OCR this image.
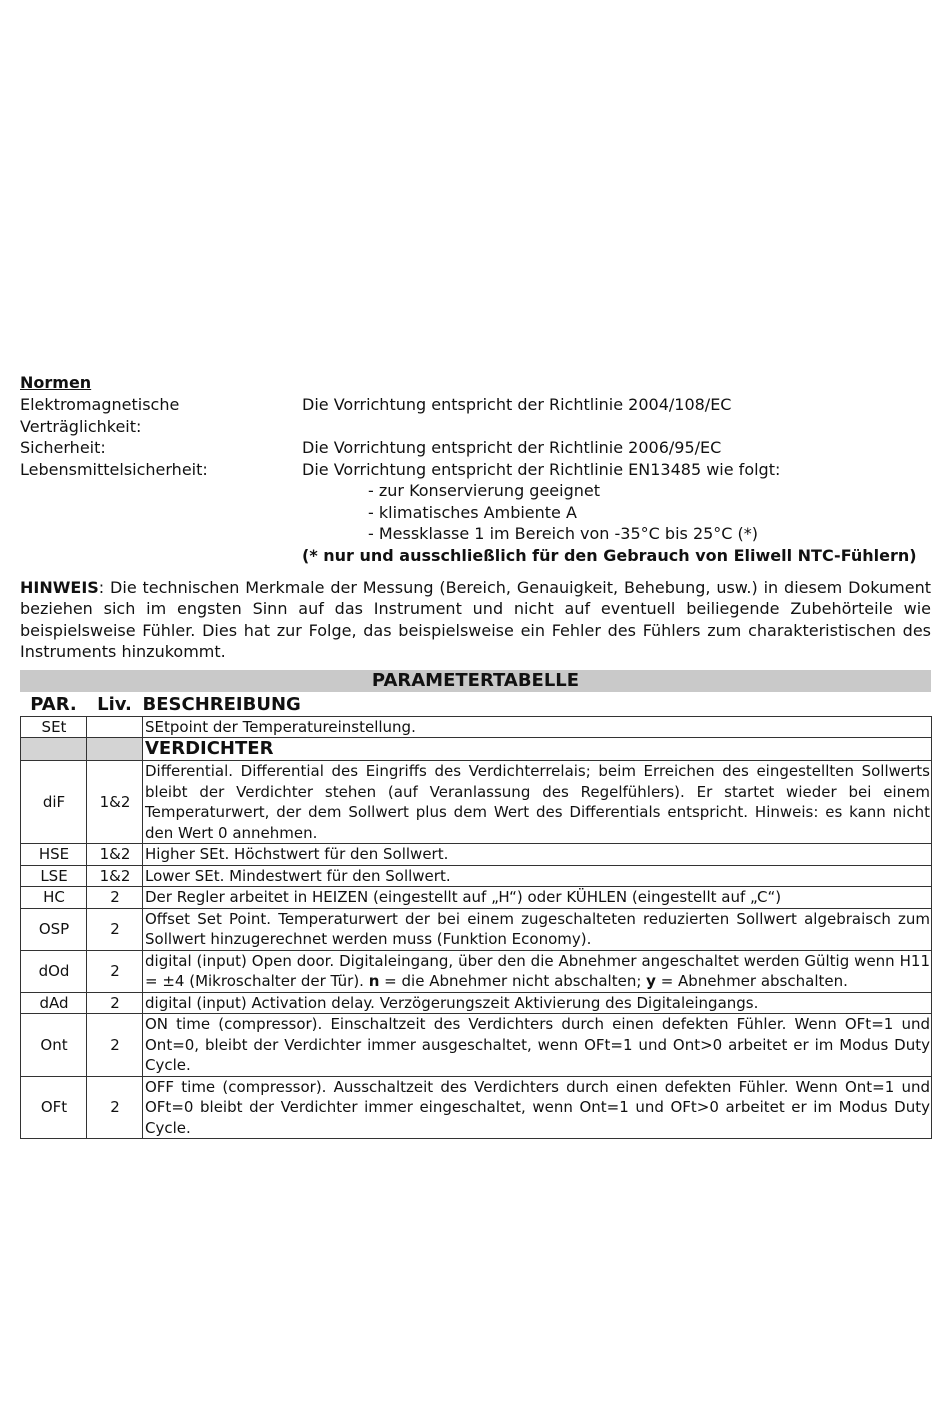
Normen
Elektromagnetische Verträglichkeit:
Die Vorrichtung entspricht der Richtlinie 2004/108/EC
Sicherheit:	Die Vorrichtung entspricht der Richtlinie 2006/95/EC
Lebensmittelsicherheit:	Die Vorrichtung entspricht der Richtlinie EN13485 wie folgt:
- zur Konservierung geeignet
- klimatisches Ambiente A
- Messklasse 1 im Bereich von -35°C bis 25°C (*)
(* nur und ausschließlich für den Gebrauch von Eliwell NTC-Fühlern)
HINWEIS: Die technischen Merkmale der Messung (Bereich, Genauigkeit, Behebung, usw.) in diesem Dokument beziehen sich im engsten Sinn auf das Instrument und nicht auf eventuell beiliegende Zubehörteile wie beispielsweise Fühler. Dies hat zur Folge, das beispielsweise ein Fehler des Fühlers zum charakteristischen des Instruments hinzukommt.
PARAMETERTABELLE
PAR.	Liv.	BESCHREIBUNG
SEt		SEtpoint der Temperatureinstellung.
		VERDICHTER
diF	1&2	Differential. Differential des Eingriffs des Verdichterrelais; beim Erreichen des eingestellten Sollwerts bleibt der Verdichter stehen (auf Veranlassung des Regelfühlers). Er startet wieder bei einem Temperaturwert, der dem Sollwert plus dem Wert des Differentials entspricht. Hinweis: es kann nicht den Wert 0 annehmen.
HSE	1&2	Higher SEt. Höchstwert für den Sollwert.
LSE	1&2	Lower SEt. Mindestwert für den Sollwert.
HC	2	Der Regler arbeitet in HEIZEN (eingestellt auf „H“) oder KÜHLEN (eingestellt auf „C“)
OSP	2	Offset Set Point. Temperaturwert der bei einem zugeschalteten reduzierten Sollwert algebraisch zum Sollwert hinzugerechnet werden muss (Funktion Economy).
dOd	2	digital (input) Open door. Digitaleingang, über den die Abnehmer angeschaltet werden Gültig wenn H11 = ±4 (Mikroschalter der Tür). n = die Abnehmer nicht abschalten; y = Abnehmer abschalten.
dAd	2	digital (input) Activation delay. Verzögerungszeit Aktivierung des Digitaleingangs.
Ont	2	ON time (compressor). Einschaltzeit des Verdichters durch einen defekten Fühler. Wenn OFt=1 und Ont=0, bleibt der Verdichter immer ausgeschaltet, wenn OFt=1 und Ont>0 arbeitet er im Modus Duty Cycle.
OFt	2	OFF time (compressor). Ausschaltzeit des Verdichters durch einen defekten Fühler. Wenn Ont=1 und OFt=0 bleibt der Verdichter immer eingeschaltet, wenn Ont=1 und OFt>0 arbeitet er im Modus Duty Cycle.
